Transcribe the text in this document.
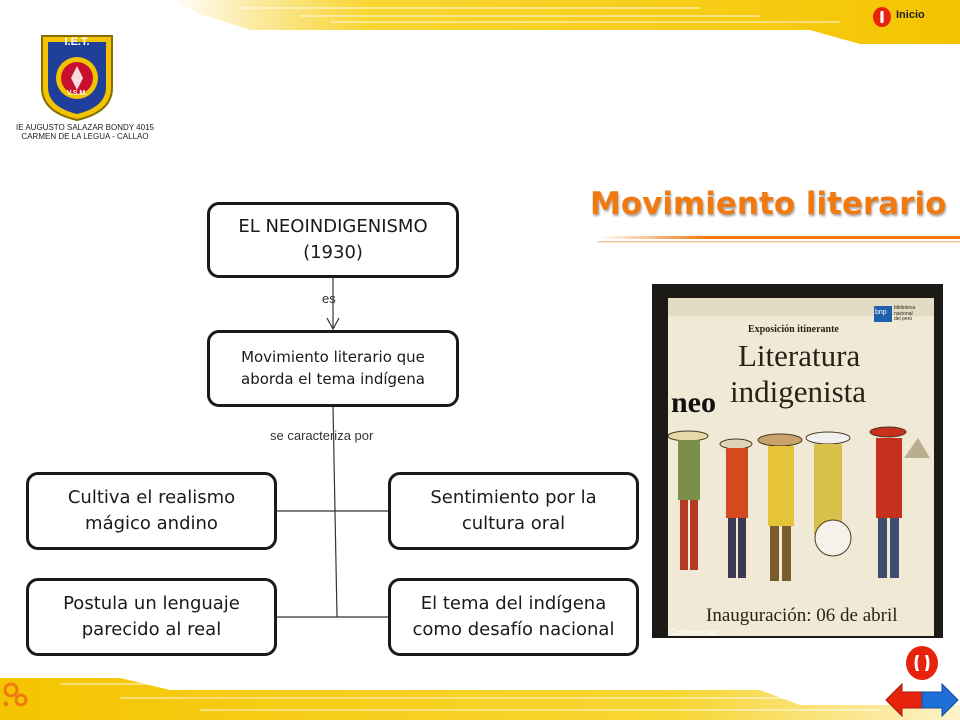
I.E.T.
V.S.M.
IE AUGUSTO SALAZAR BONDY 4015
CARMEN DE LA LEGUA - CALLAO
Inicio
Movimiento literario
es
se caracteriza por
EL NEOINDIGENISMO
(1930)
Movimiento literario que
aborda el tema indígena
Cultiva el realismo
mágico andino
Sentimiento por la
cultura oral
Postula un lenguaje
parecido al real
El tema del indígena
como desafío nacional
bnp
biblioteca
nacional
del perú
Exposición itinerante
Literatura
neo indigenista
Inauguración: 06 de abril
Conferencias:
